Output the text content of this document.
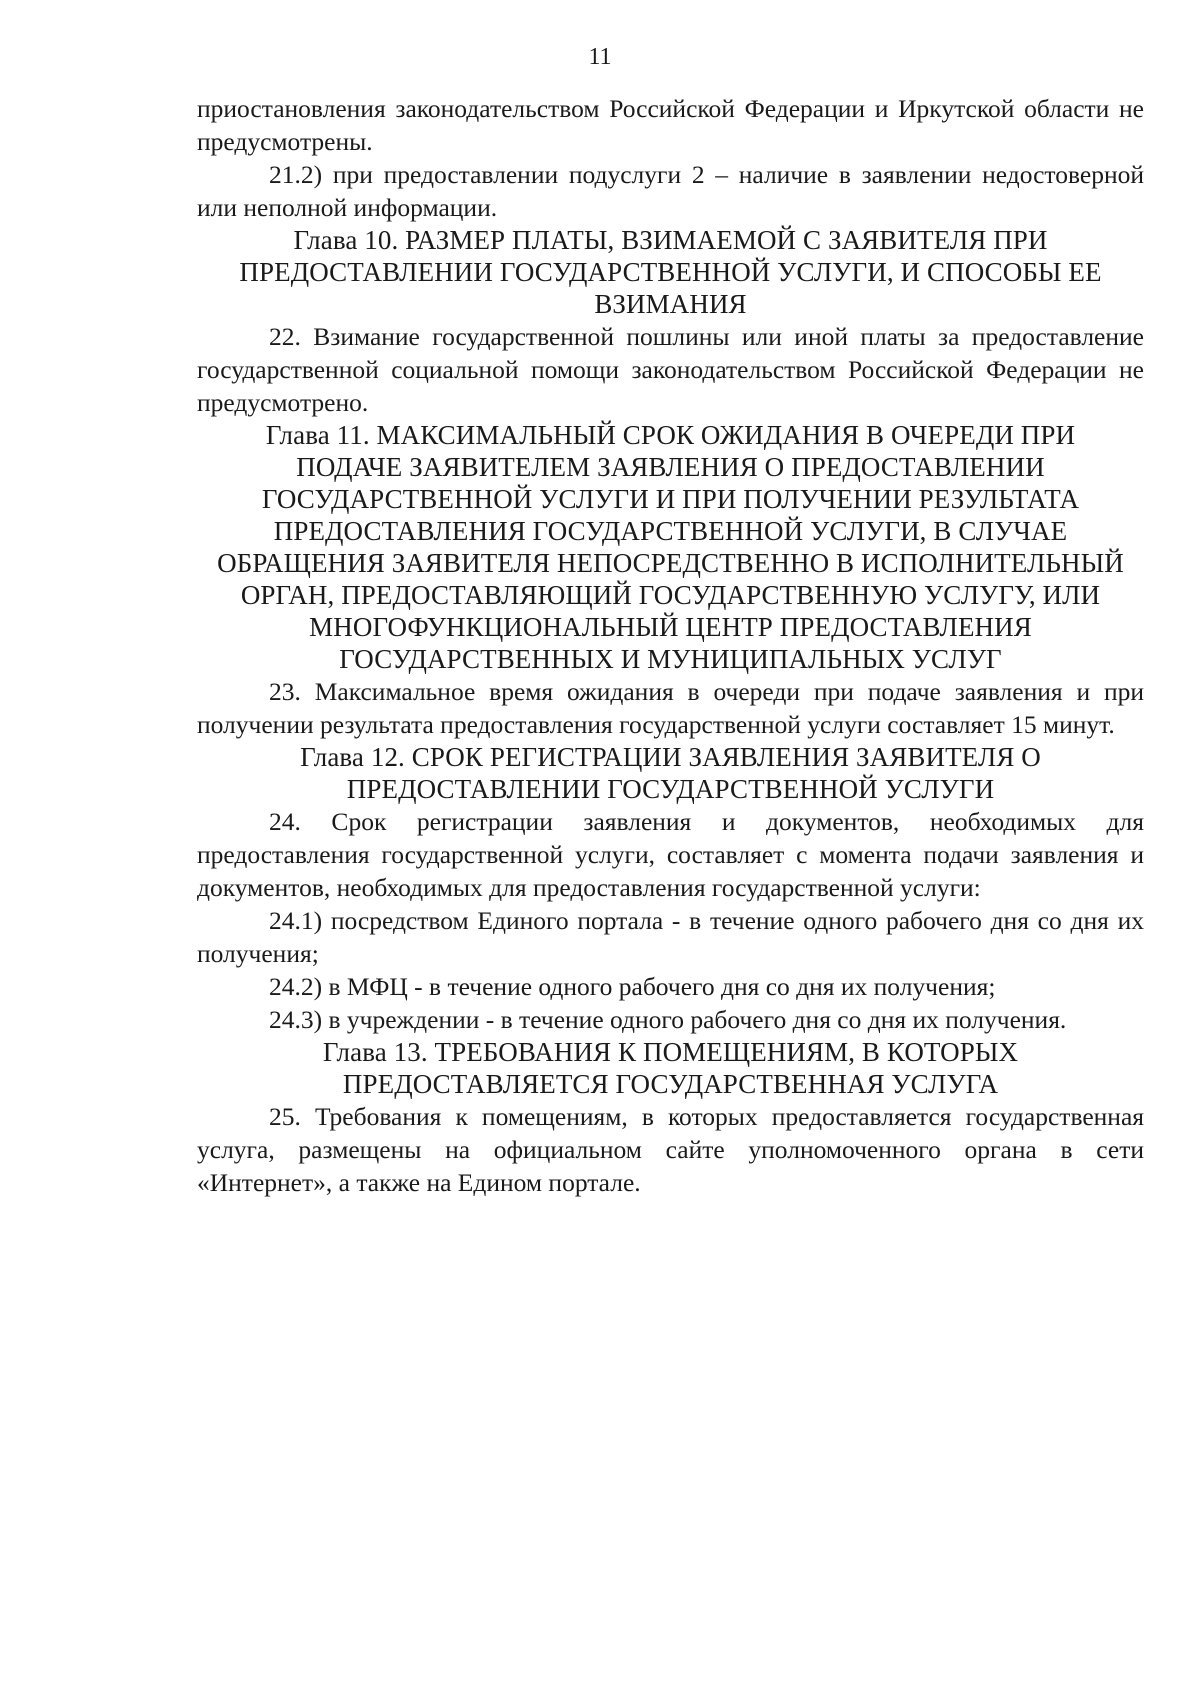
11

приостановления законодательством Российской Федерации и Иркутской области не предусмотрены.

21.2) при предоставлении подуслуги 2 – наличие в заявлении недостоверной или неполной информации.

Глава 10. РАЗМЕР ПЛАТЫ, ВЗИМАЕМОЙ С ЗАЯВИТЕЛЯ ПРИ ПРЕДОСТАВЛЕНИИ ГОСУДАРСТВЕННОЙ УСЛУГИ, И СПОСОБЫ ЕЕ ВЗИМАНИЯ

22. Взимание государственной пошлины или иной платы за предоставление государственной социальной помощи законодательством Российской Федерации не предусмотрено.

Глава 11. МАКСИМАЛЬНЫЙ СРОК ОЖИДАНИЯ В ОЧЕРЕДИ ПРИ ПОДАЧЕ ЗАЯВИТЕЛЕМ ЗАЯВЛЕНИЯ О ПРЕДОСТАВЛЕНИИ ГОСУДАРСТВЕННОЙ УСЛУГИ И ПРИ ПОЛУЧЕНИИ РЕЗУЛЬТАТА ПРЕДОСТАВЛЕНИЯ ГОСУДАРСТВЕННОЙ УСЛУГИ, В СЛУЧАЕ ОБРАЩЕНИЯ ЗАЯВИТЕЛЯ НЕПОСРЕДСТВЕННО В ИСПОЛНИТЕЛЬНЫЙ ОРГАН, ПРЕДОСТАВЛЯЮЩИЙ ГОСУДАРСТВЕННУЮ УСЛУГУ, ИЛИ МНОГОФУНКЦИОНАЛЬНЫЙ ЦЕНТР ПРЕДОСТАВЛЕНИЯ ГОСУДАРСТВЕННЫХ И МУНИЦИПАЛЬНЫХ УСЛУГ

23. Максимальное время ожидания в очереди при подаче заявления и при получении результата предоставления государственной услуги составляет 15 минут.

Глава 12. СРОК РЕГИСТРАЦИИ ЗАЯВЛЕНИЯ ЗАЯВИТЕЛЯ О ПРЕДОСТАВЛЕНИИ ГОСУДАРСТВЕННОЙ УСЛУГИ

24. Срок регистрации заявления и документов, необходимых для предоставления государственной услуги, составляет с момента подачи заявления и документов, необходимых для предоставления государственной услуги:

24.1) посредством Единого портала - в течение одного рабочего дня со дня их получения;

24.2) в МФЦ - в течение одного рабочего дня со дня их получения;

24.3) в учреждении - в течение одного рабочего дня со дня их получения.

Глава 13. ТРЕБОВАНИЯ К ПОМЕЩЕНИЯМ, В КОТОРЫХ ПРЕДОСТАВЛЯЕТСЯ ГОСУДАРСТВЕННАЯ УСЛУГА

25. Требования к помещениям, в которых предоставляется государственная услуга, размещены на официальном сайте уполномоченного органа в сети «Интернет», а также на Едином портале.
